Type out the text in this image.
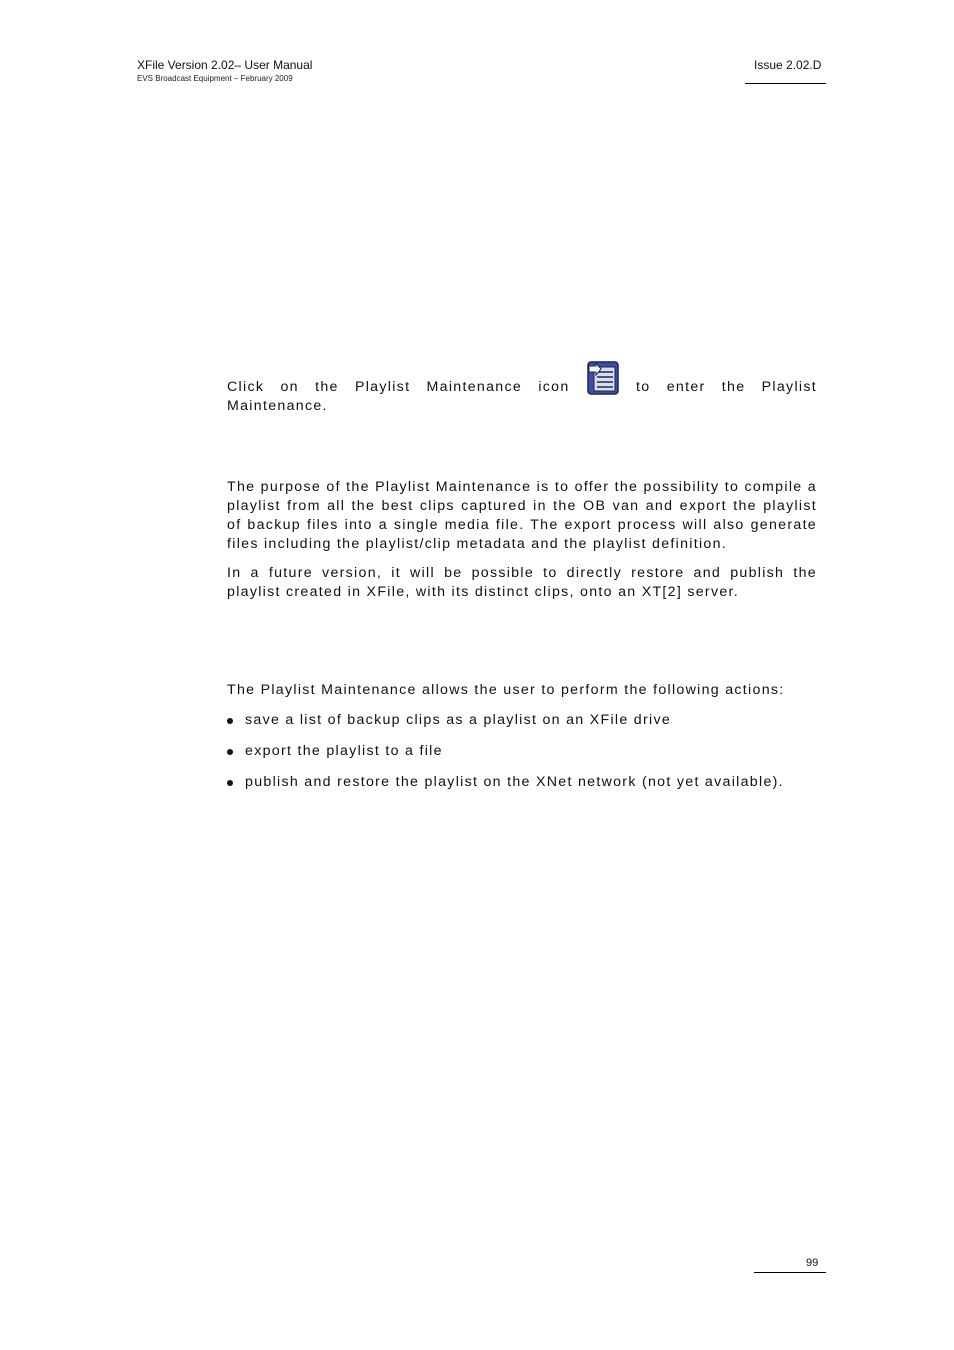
XFile Version 2.02– User Manual
EVS Broadcast Equipment – February 2009
Issue 2.02.D
Click on the Playlist Maintenance icon	to enter the Playlist
Maintenance.

The purpose of the Playlist Maintenance is to offer the possibility to compile a playlist from all the best clips captured in the OB van and export the playlist of backup files into a single media file. The export process will also generate files including the playlist/clip metadata and the playlist definition.

In a future version, it will be possible to directly restore and publish the playlist created in XFile, with its distinct clips, onto an XT[2] server.

The Playlist Maintenance allows the user to perform the following actions:

save a list of backup clips as a playlist on an XFile drive
export the playlist to a file
publish and restore the playlist on the XNet network (not yet available).
99
